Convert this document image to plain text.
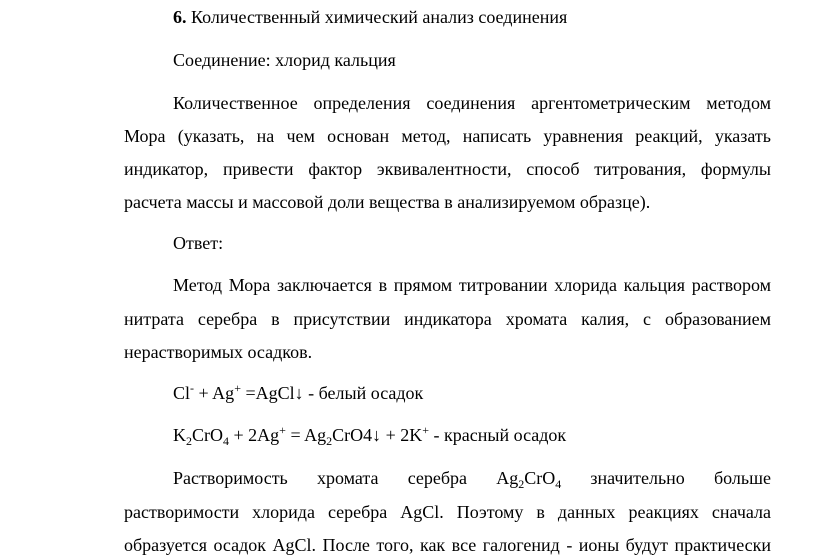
6. Количественный химический анализ соединения
Соединение: хлорид кальция
Количественное определения соединения аргентометрическим методом
Мора (указать, на чем основан метод, написать уравнения реакций, указать
индикатор, привести фактор эквивалентности, способ титрования, формулы
расчета массы и массовой доли вещества в анализируемом образце).
Ответ:
Метод Мора заключается в прямом титровании хлорида кальция раствором
нитрата серебра в присутствии индикатора хромата калия, с образованием
нерастворимых осадков.
Cl- + Ag+ =AgCl↓ - белый осадок
$K_2CrO_4 + 2Ag^+$ = $Ag_2CrO4↓ + 2K^+$ - красный осадок
Растворимость хромата серебра $Ag_2CrO_4$ значительно больше
растворимости хлорида серебра AgCl. Поэтому в данных реакциях сначала
образуется осадок AgCl. После того, как все галогенид - ионы будут практически
